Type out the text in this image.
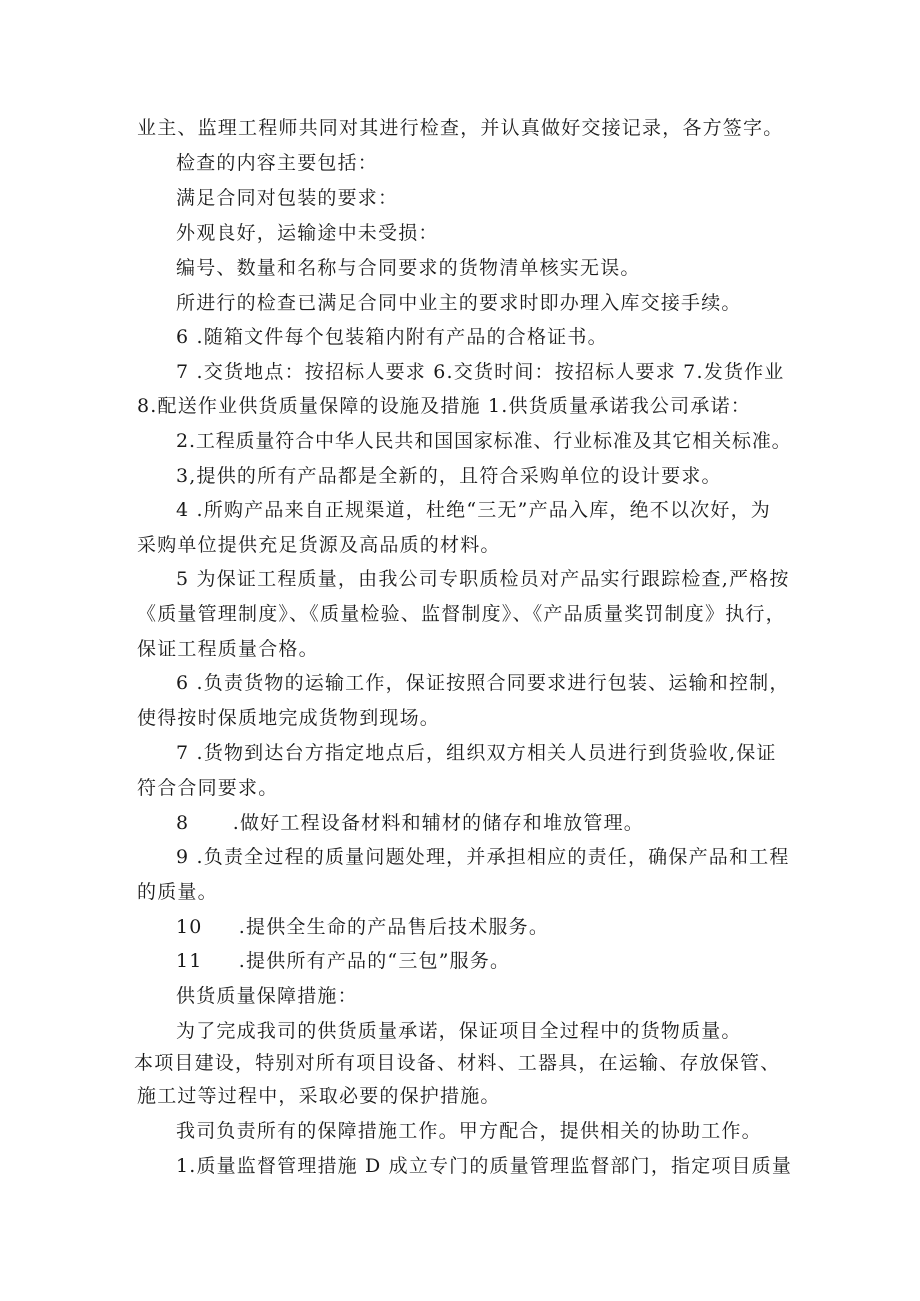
业主、监理工程师共同对其进行检查，并认真做好交接记录，各方签字。
检查的内容主要包括：
满足合同对包装的要求：
外观良好，运输途中未受损：
编号、数量和名称与合同要求的货物清单核实无误。
所进行的检查已满足合同中业主的要求时即办理入库交接手续。
6 .随箱文件每个包装箱内附有产品的合格证书。
7 .交货地点：按招标人要求 6.交货时间：按招标人要求 7.发货作业
8.配送作业供货质量保障的设施及措施 1.供货质量承诺我公司承诺：
2.工程质量符合中华人民共和国国家标准、行业标准及其它相关标准。
3,提供的所有产品都是全新的，且符合采购单位的设计要求。
4 .所购产品来自正规渠道，杜绝“三无”产品入库，绝不以次好，为
采购单位提供充足货源及高品质的材料。
5 为保证工程质量，由我公司专职质检员对产品实行跟踪检查,严格按
《质量管理制度》、《质量检验、监督制度》、《产品质量奖罚制度》执行，
保证工程质量合格。
6 .负责货物的运输工作，保证按照合同要求进行包装、运输和控制，
使得按时保质地完成货物到现场。
7 .货物到达台方指定地点后，组织双方相关人员进行到货验收,保证
符合合同要求。
8      .做好工程设备材料和辅材的储存和堆放管理。
9 .负责全过程的质量问题处理，并承担相应的责任，确保产品和工程
的质量。
10     .提供全生命的产品售后技术服务。
11     .提供所有产品的“三包”服务。
供货质量保障措施：
为了完成我司的供货质量承诺，保证项目全过程中的货物质量。
本项目建设，特别对所有项目设备、材料、工器具，在运输、存放保管、
施工过等过程中，采取必要的保护措施。
我司负责所有的保障措施工作。甲方配合，提供相关的协助工作。
1.质量监督管理措施 D 成立专门的质量管理监督部门，指定项目质量
